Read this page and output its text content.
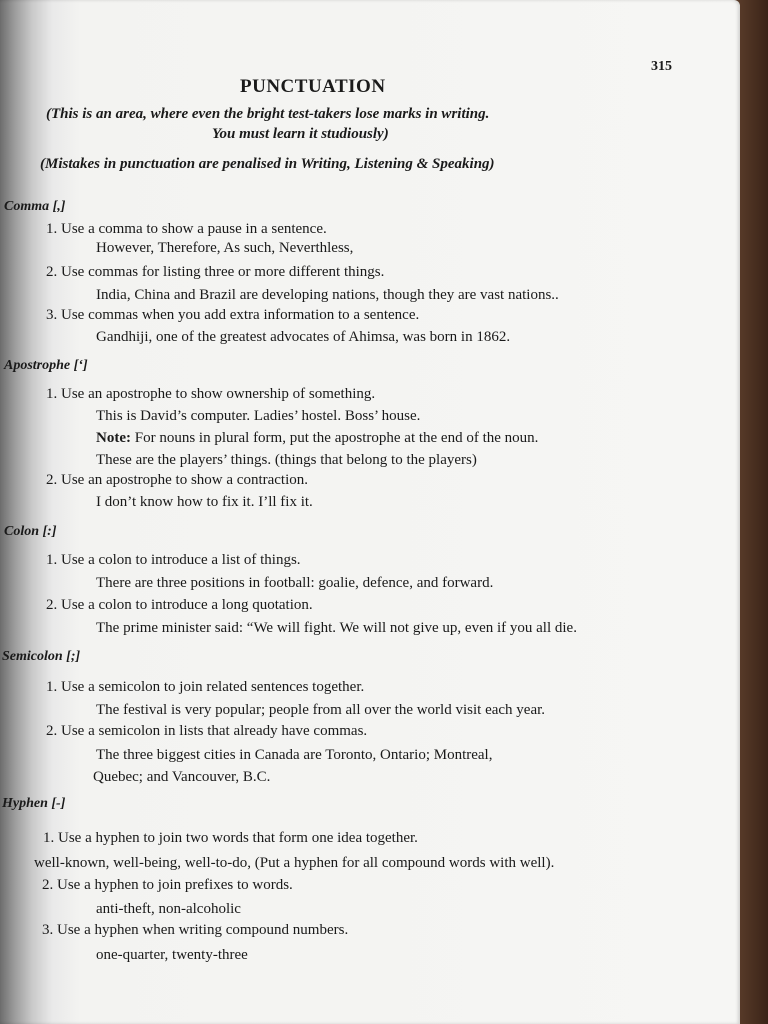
315
PUNCTUATION
(This is an area, where even the bright test-takers lose marks in writing.
You must learn it studiously)
(Mistakes in punctuation are penalised in Writing, Listening & Speaking)
Comma [,]
1. Use a comma to show a pause in a sentence.
However, Therefore, As such, Neverthless,
2. Use commas for listing three or more different things.
India, China and Brazil are developing nations, though they are vast nations..
3. Use commas when you add extra information to a sentence.
Gandhiji, one of the greatest advocates of Ahimsa, was born in 1862.
Apostrophe [‘]
1. Use an apostrophe to show ownership of something.
This is David’s computer. Ladies’ hostel. Boss’ house.
Note: For nouns in plural form, put the apostrophe at the end of the noun.
These are the players’ things. (things that belong to the players)
2. Use an apostrophe to show a contraction.
I don’t know how to fix it. I’ll fix it.
Colon [:]
1. Use a colon to introduce a list of things.
There are three positions in football: goalie, defence, and forward.
2. Use a colon to introduce a long quotation.
The prime minister said: “We will fight. We will not give up, even if you all die.
Semicolon [;]
1. Use a semicolon to join related sentences together.
The festival is very popular; people from all over the world visit each year.
2. Use a semicolon in lists that already have commas.
The three biggest cities in Canada are Toronto, Ontario; Montreal,
Quebec; and Vancouver, B.C.
Hyphen [-]
1. Use a hyphen to join two words that form one idea together.
well-known, well-being, well-to-do, (Put a hyphen for all compound words with well).
2. Use a hyphen to join prefixes to words.
anti-theft, non-alcoholic
3. Use a hyphen when writing compound numbers.
one-quarter, twenty-three
